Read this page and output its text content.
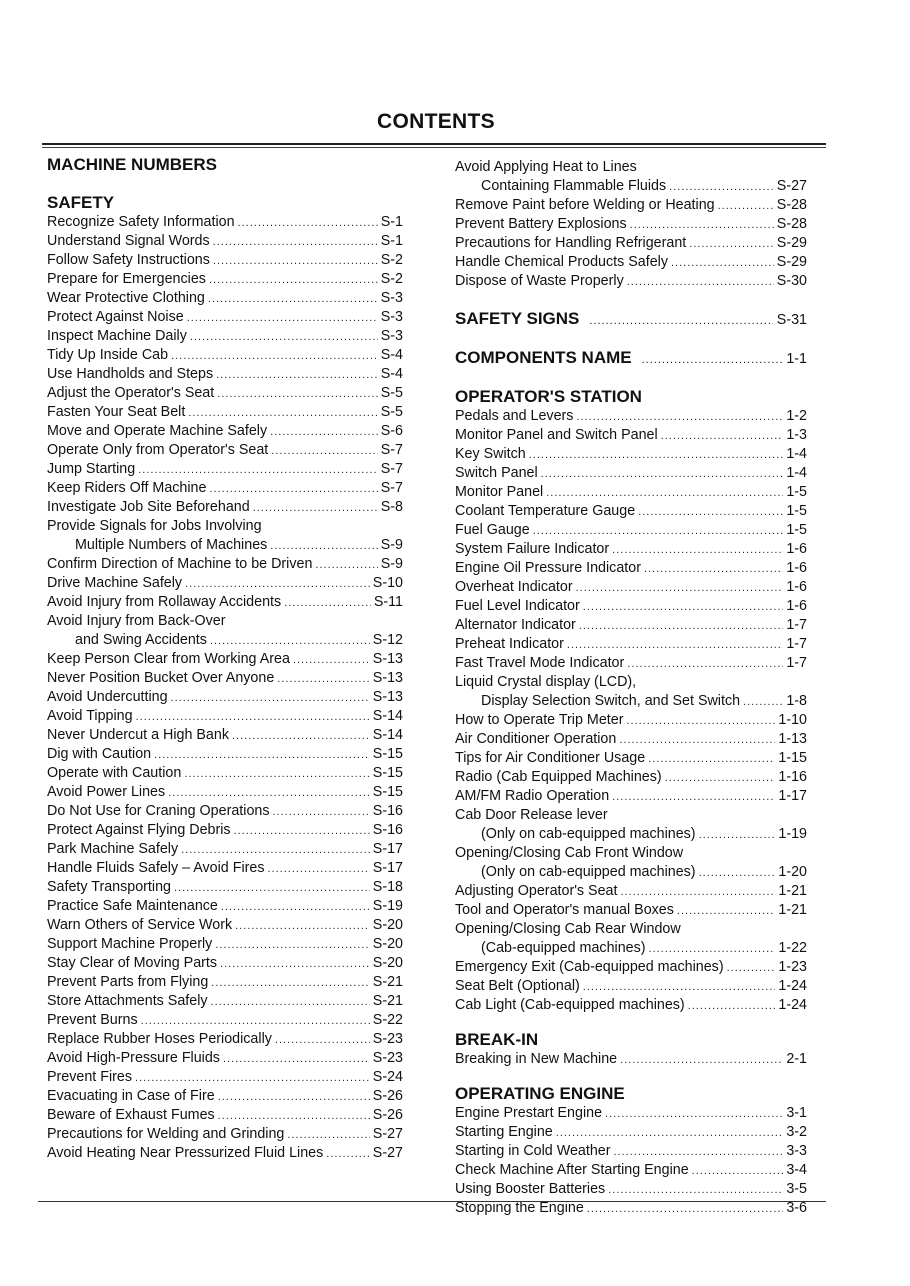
CONTENTS
MACHINE NUMBERS
SAFETY
Recognize Safety Information .....	S-1
Understand Signal Words .....	S-1
Follow Safety Instructions .....	S-2
Prepare for Emergencies .....	S-2
Wear Protective Clothing .....	S-3
Protect Against Noise .....	S-3
Inspect Machine Daily .....	S-3
Tidy Up Inside Cab .....	S-4
Use Handholds and Steps .....	S-4
Adjust the Operator's Seat .....	S-5
Fasten Your Seat Belt .....	S-5
Move and Operate Machine Safely .....	S-6
Operate Only from Operator's Seat .....	S-7
Jump Starting .....	S-7
Keep Riders Off Machine .....	S-7
Investigate Job Site Beforehand .....	S-8
Provide Signals for Jobs Involving
Multiple Numbers of Machines .....	S-9
Confirm Direction of Machine to be Driven .....	S-9
Drive Machine Safely .....	S-10
Avoid Injury from Rollaway Accidents .....	S-11
Avoid Injury from Back-Over
and Swing Accidents .....	S-12
Keep Person Clear from Working Area .....	S-13
Never Position Bucket Over Anyone .....	S-13
Avoid Undercutting .....	S-13
Avoid Tipping .....	S-14
Never Undercut a High Bank .....	S-14
Dig with Caution .....	S-15
Operate with Caution .....	S-15
Avoid Power Lines .....	S-15
Do Not Use for Craning Operations .....	S-16
Protect Against Flying Debris .....	S-16
Park Machine Safely .....	S-17
Handle Fluids Safely – Avoid Fires .....	S-17
Safety Transporting .....	S-18
Practice Safe Maintenance .....	S-19
Warn Others of Service Work .....	S-20
Support Machine Properly .....	S-20
Stay Clear of Moving Parts .....	S-20
Prevent Parts from Flying .....	S-21
Store Attachments Safely .....	S-21
Prevent Burns .....	S-22
Replace Rubber Hoses Periodically .....	S-23
Avoid High-Pressure Fluids .....	S-23
Prevent Fires .....	S-24
Evacuating in Case of Fire .....	S-26
Beware of Exhaust Fumes .....	S-26
Precautions for Welding and Grinding .....	S-27
Avoid Heating Near Pressurized Fluid Lines .....	S-27
Avoid Applying Heat to Lines
Containing Flammable Fluids .....	S-27
Remove Paint before Welding or Heating .....	S-28
Prevent Battery Explosions .....	S-28
Precautions for Handling Refrigerant .....	S-29
Handle Chemical Products Safely .....	S-29
Dispose of Waste Properly .....	S-30
SAFETY SIGNS .....	S-31
COMPONENTS NAME .....	1-1
OPERATOR'S STATION
Pedals and Levers .....	1-2
Monitor Panel and Switch Panel .....	1-3
Key Switch .....	1-4
Switch Panel .....	1-4
Monitor Panel .....	1-5
Coolant Temperature Gauge .....	1-5
Fuel Gauge .....	1-5
System Failure Indicator .....	1-6
Engine Oil Pressure Indicator .....	1-6
Overheat Indicator .....	1-6
Fuel Level Indicator .....	1-6
Alternator Indicator .....	1-7
Preheat Indicator .....	1-7
Fast Travel Mode Indicator .....	1-7
Liquid Crystal display (LCD),
Display Selection Switch, and Set Switch .....	1-8
How to Operate Trip Meter .....	1-10
Air Conditioner Operation .....	1-13
Tips for Air Conditioner Usage .....	1-15
Radio (Cab Equipped Machines) .....	1-16
AM/FM Radio Operation .....	1-17
Cab Door Release lever
(Only on cab-equipped machines) .....	1-19
Opening/Closing Cab Front Window
(Only on cab-equipped machines) .....	1-20
Adjusting Operator's Seat .....	1-21
Tool and Operator's manual Boxes .....	1-21
Opening/Closing Cab Rear Window
(Cab-equipped machines) .....	1-22
Emergency Exit (Cab-equipped machines) .....	1-23
Seat Belt (Optional) .....	1-24
Cab Light (Cab-equipped machines) .....	1-24
BREAK-IN
Breaking in New Machine .....	2-1
OPERATING ENGINE
Engine Prestart Engine .....	3-1
Starting Engine .....	3-2
Starting in Cold Weather .....	3-3
Check Machine After Starting Engine .....	3-4
Using Booster Batteries .....	3-5
Stopping the Engine .....	3-6
